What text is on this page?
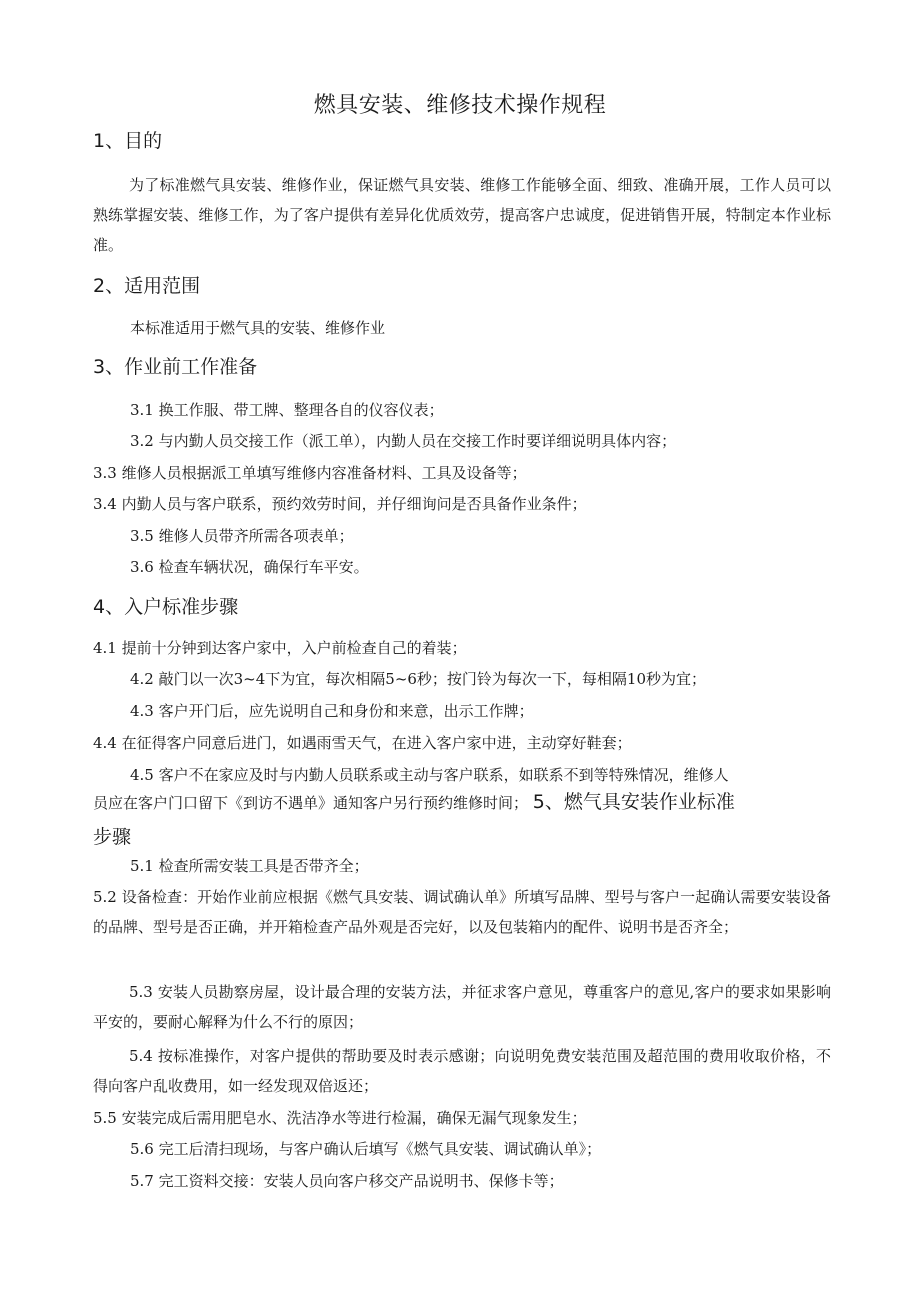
燃具安装、维修技术操作规程
1、目的
为了标准燃气具安装、维修作业，保证燃气具安装、维修工作能够全面、细致、准确开展，工作人员可以熟练掌握安装、维修工作，为了客户提供有差异化优质效劳，提高客户忠诚度，促进销售开展，特制定本作业标准。
2、适用范围
本标准适用于燃气具的安装、维修作业
3、作业前工作准备
3.1 换工作服、带工牌、整理各自的仪容仪表；
3.2 与内勤人员交接工作（派工单），内勤人员在交接工作时要详细说明具体内容；
3.3 维修人员根据派工单填写维修内容准备材料、工具及设备等；
3.4 内勤人员与客户联系，预约效劳时间，并仔细询问是否具备作业条件；
3.5 维修人员带齐所需各项表单；
3.6 检查车辆状况，确保行车平安。
4、入户标准步骤
4.1 提前十分钟到达客户家中，入户前检查自己的着装；
4.2 敲门以一次3~4下为宜，每次相隔5~6秒；按门铃为每次一下，每相隔10秒为宜；
4.3 客户开门后，应先说明自己和身份和来意，出示工作牌；
4.4 在征得客户同意后进门，如遇雨雪天气，在进入客户家中进，主动穿好鞋套；
4.5 客户不在家应及时与内勤人员联系或主动与客户联系，如联系不到等特殊情况，维修人
员应在客户门口留下《到访不遇单》通知客户另行预约维修时间； 5、燃气具安装作业标准
步骤
5.1 检查所需安装工具是否带齐全；
5.2 设备检查：开始作业前应根据《燃气具安装、调试确认单》所填写品牌、型号与客户一起确认需要安装设备的品牌、型号是否正确，并开箱检查产品外观是否完好，以及包装箱内的配件、说明书是否齐全；
5.3 安装人员勘察房屋，设计最合理的安装方法，并征求客户意见，尊重客户的意见,客户的要求如果影响平安的，要耐心解释为什么不行的原因；
5.4 按标准操作，对客户提供的帮助要及时表示感谢；向说明免费安装范围及超范围的费用收取价格，不得向客户乱收费用，如一经发现双倍返还；
5.5 安装完成后需用肥皂水、洗洁净水等进行检漏，确保无漏气现象发生；
5.6 完工后清扫现场，与客户确认后填写《燃气具安装、调试确认单》；
5.7 完工资料交接：安装人员向客户移交产品说明书、保修卡等；
